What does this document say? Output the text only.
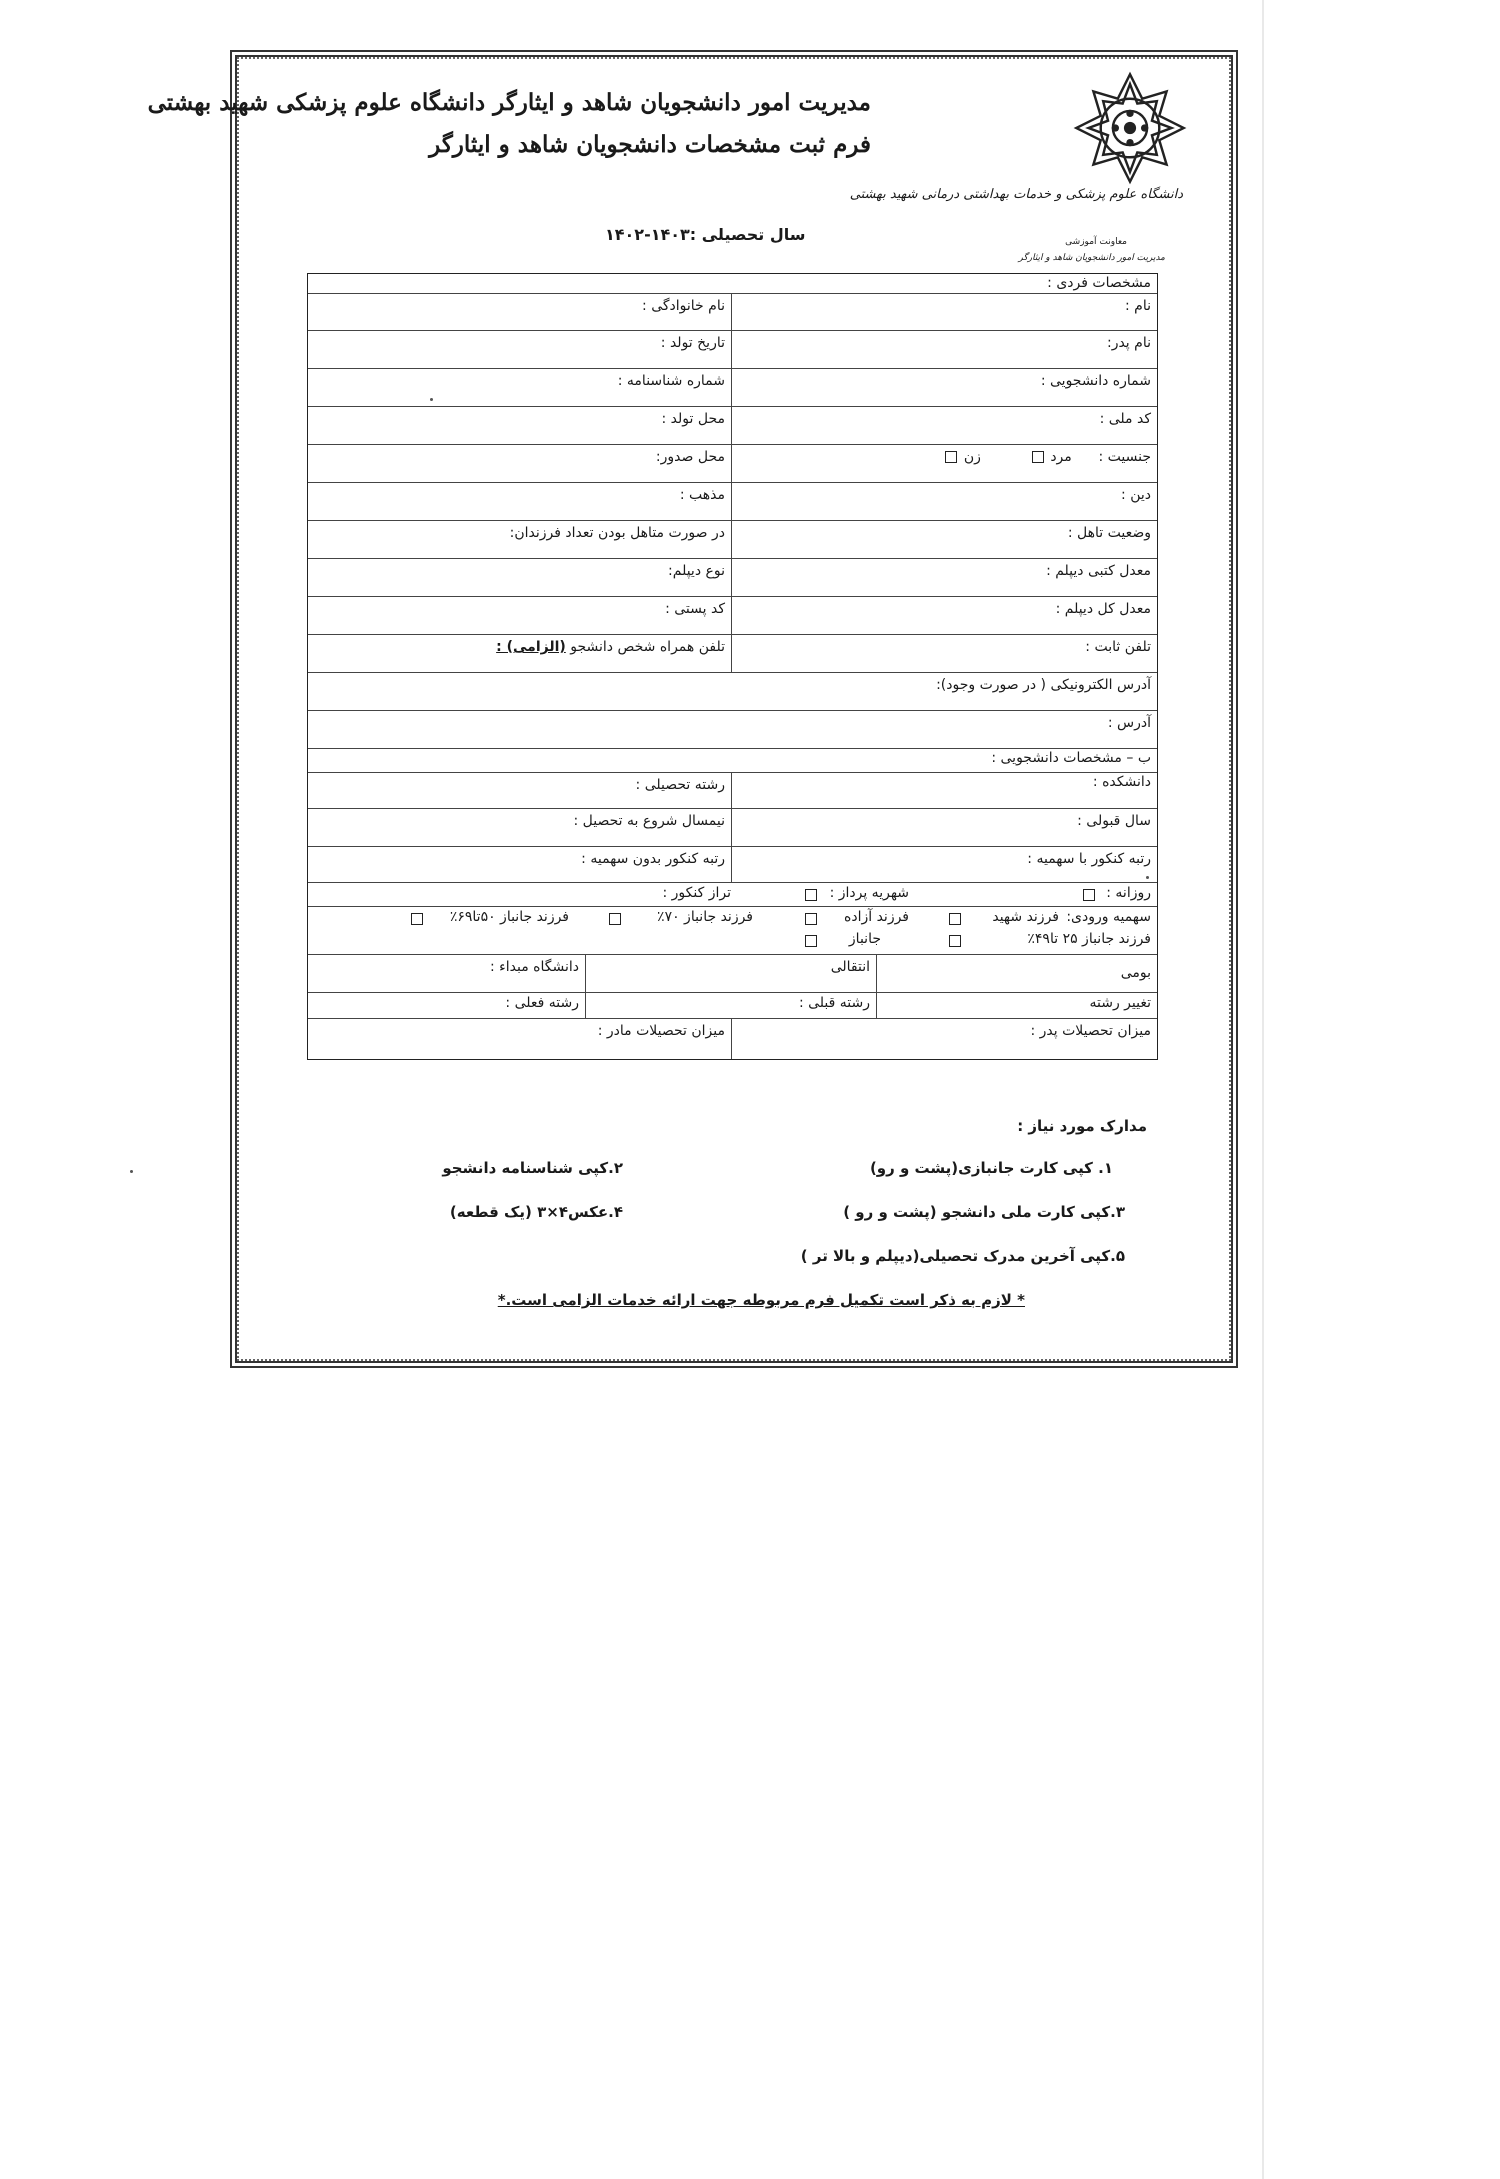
مدیریت امور دانشجویان شاهد و ایثارگر دانشگاه علوم پزشکی شهید بهشتی
فرم ثبت مشخصات دانشجویان شاهد و ایثارگر
سال تحصیلی :۱۴۰۳-۱۴۰۲
دانشگاه علوم پزشکی و خدمات بهداشتی درمانی شهید بهشتی
معاونت آموزشی
مدیریت امور دانشجویان شاهد و ایثارگر
مشخصات فردی :
نام :
نام خانوادگی :
نام پدر:
تاریخ تولد :
شماره دانشجویی :
شماره شناسنامه :
کد ملی :
محل تولد :
جنسیت :      مرد            زن
محل صدور:
دین :
مذهب :
وضعیت تاهل :
در صورت متاهل بودن تعداد فرزندان:
معدل کتبی دیپلم :
نوع دیپلم:
معدل کل دیپلم :
کد پستی :
تلفن ثابت :
تلفن همراه شخص دانشجو (الزامی) :
آدرس الکترونیکی ( در صورت وجود):
آدرس :
ب – مشخصات دانشجویی :
دانشکده :
رشته تحصیلی :
سال قبولی :
نیمسال شروع به تحصیل :
رتبه کنکور با سهمیه :
رتبه کنکور بدون سهمیه :
روزانه :
شهریه پرداز :
تراز کنکور :
سهمیه ورودی:
فرزند شهید
فرزند آزاده
فرزند جانباز ۷۰٪
فرزند جانباز ۵۰تا۶۹٪
فرزند جانباز ۲۵ تا۴۹٪
جانباز
بومی
انتقالی
دانشگاه مبداء :
تغییر رشته
رشته قبلی :
رشته فعلی :
میزان تحصیلات پدر :
میزان تحصیلات مادر :
مدارک مورد نیاز :
۱. کپی کارت جانبازی(پشت و رو)
۲.کپی شناسنامه دانشجو
۳.کپی کارت ملی دانشجو (پشت و رو )
۴.عکس۴×۳ (یک قطعه)
۵.کپی آخرین مدرک تحصیلی(دیپلم و بالا تر )
* لازم به ذکر است تکمیل فرم مربوطه جهت ارائه خدمات الزامی است.*
